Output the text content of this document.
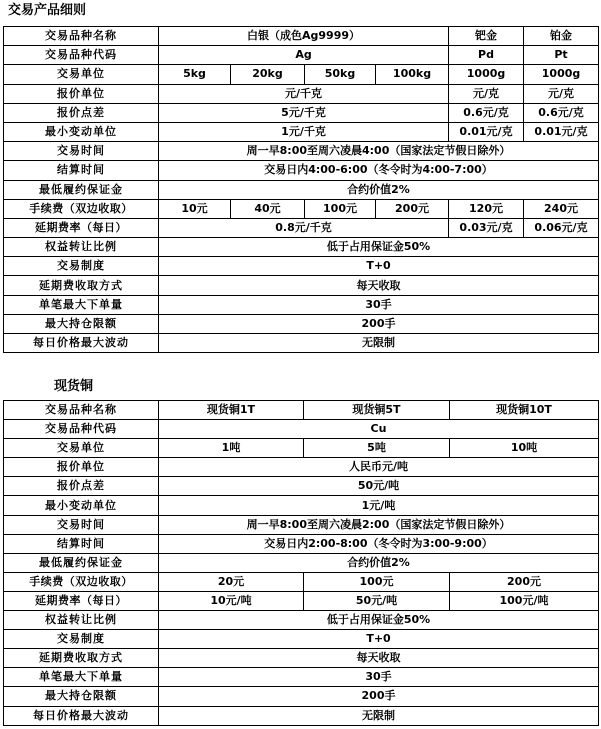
交易产品细则
交易品种名称	白银（成色Ag9999）				钯金	铂金
交易品种代码	Ag				Pd	Pt
交易单位	5kg	20kg	50kg	100kg	1000g	1000g
报价单位	元/千克				元/克	元/克
报价点差	5元/千克				0.6元/克	0.6元/克
最小变动单位	1元/千克				0.01元/克	0.01元/克
交易时间	周一早8:00至周六凌晨4:00（国家法定节假日除外）					
结算时间	交易日内4:00-6:00（冬令时为4:00-7:00）					
最低履约保证金	合约价值2%					
手续费（双边收取）	10元	40元	100元	200元	120元	240元
延期费率（每日）	0.8元/千克				0.03元/克	0.06元/克
权益转让比例	低于占用保证金50%					
交易制度	T+0					
延期费收取方式	每天收取					
单笔最大下单量	30手					
最大持仓限额	200手					
每日价格最大波动	无限制					
现货铜
交易品种名称	现货铜1T	现货铜5T	现货铜10T
交易品种代码	Cu		
交易单位	1吨	5吨	10吨
报价单位	人民币元/吨		
报价点差	50元/吨		
最小变动单位	1元/吨		
交易时间	周一早8:00至周六凌晨2:00（国家法定节假日除外）		
结算时间	交易日内2:00-8:00（冬令时为3:00-9:00）		
最低履约保证金	合约价值2%		
手续费（双边收取）	20元	100元	200元
延期费率（每日）	10元/吨	50元/吨	100元/吨
权益转让比例	低于占用保证金50%		
交易制度	T+0		
延期费收取方式	每天收取		
单笔最大下单量	30手		
最大持仓限额	200手		
每日价格最大波动	无限制		
